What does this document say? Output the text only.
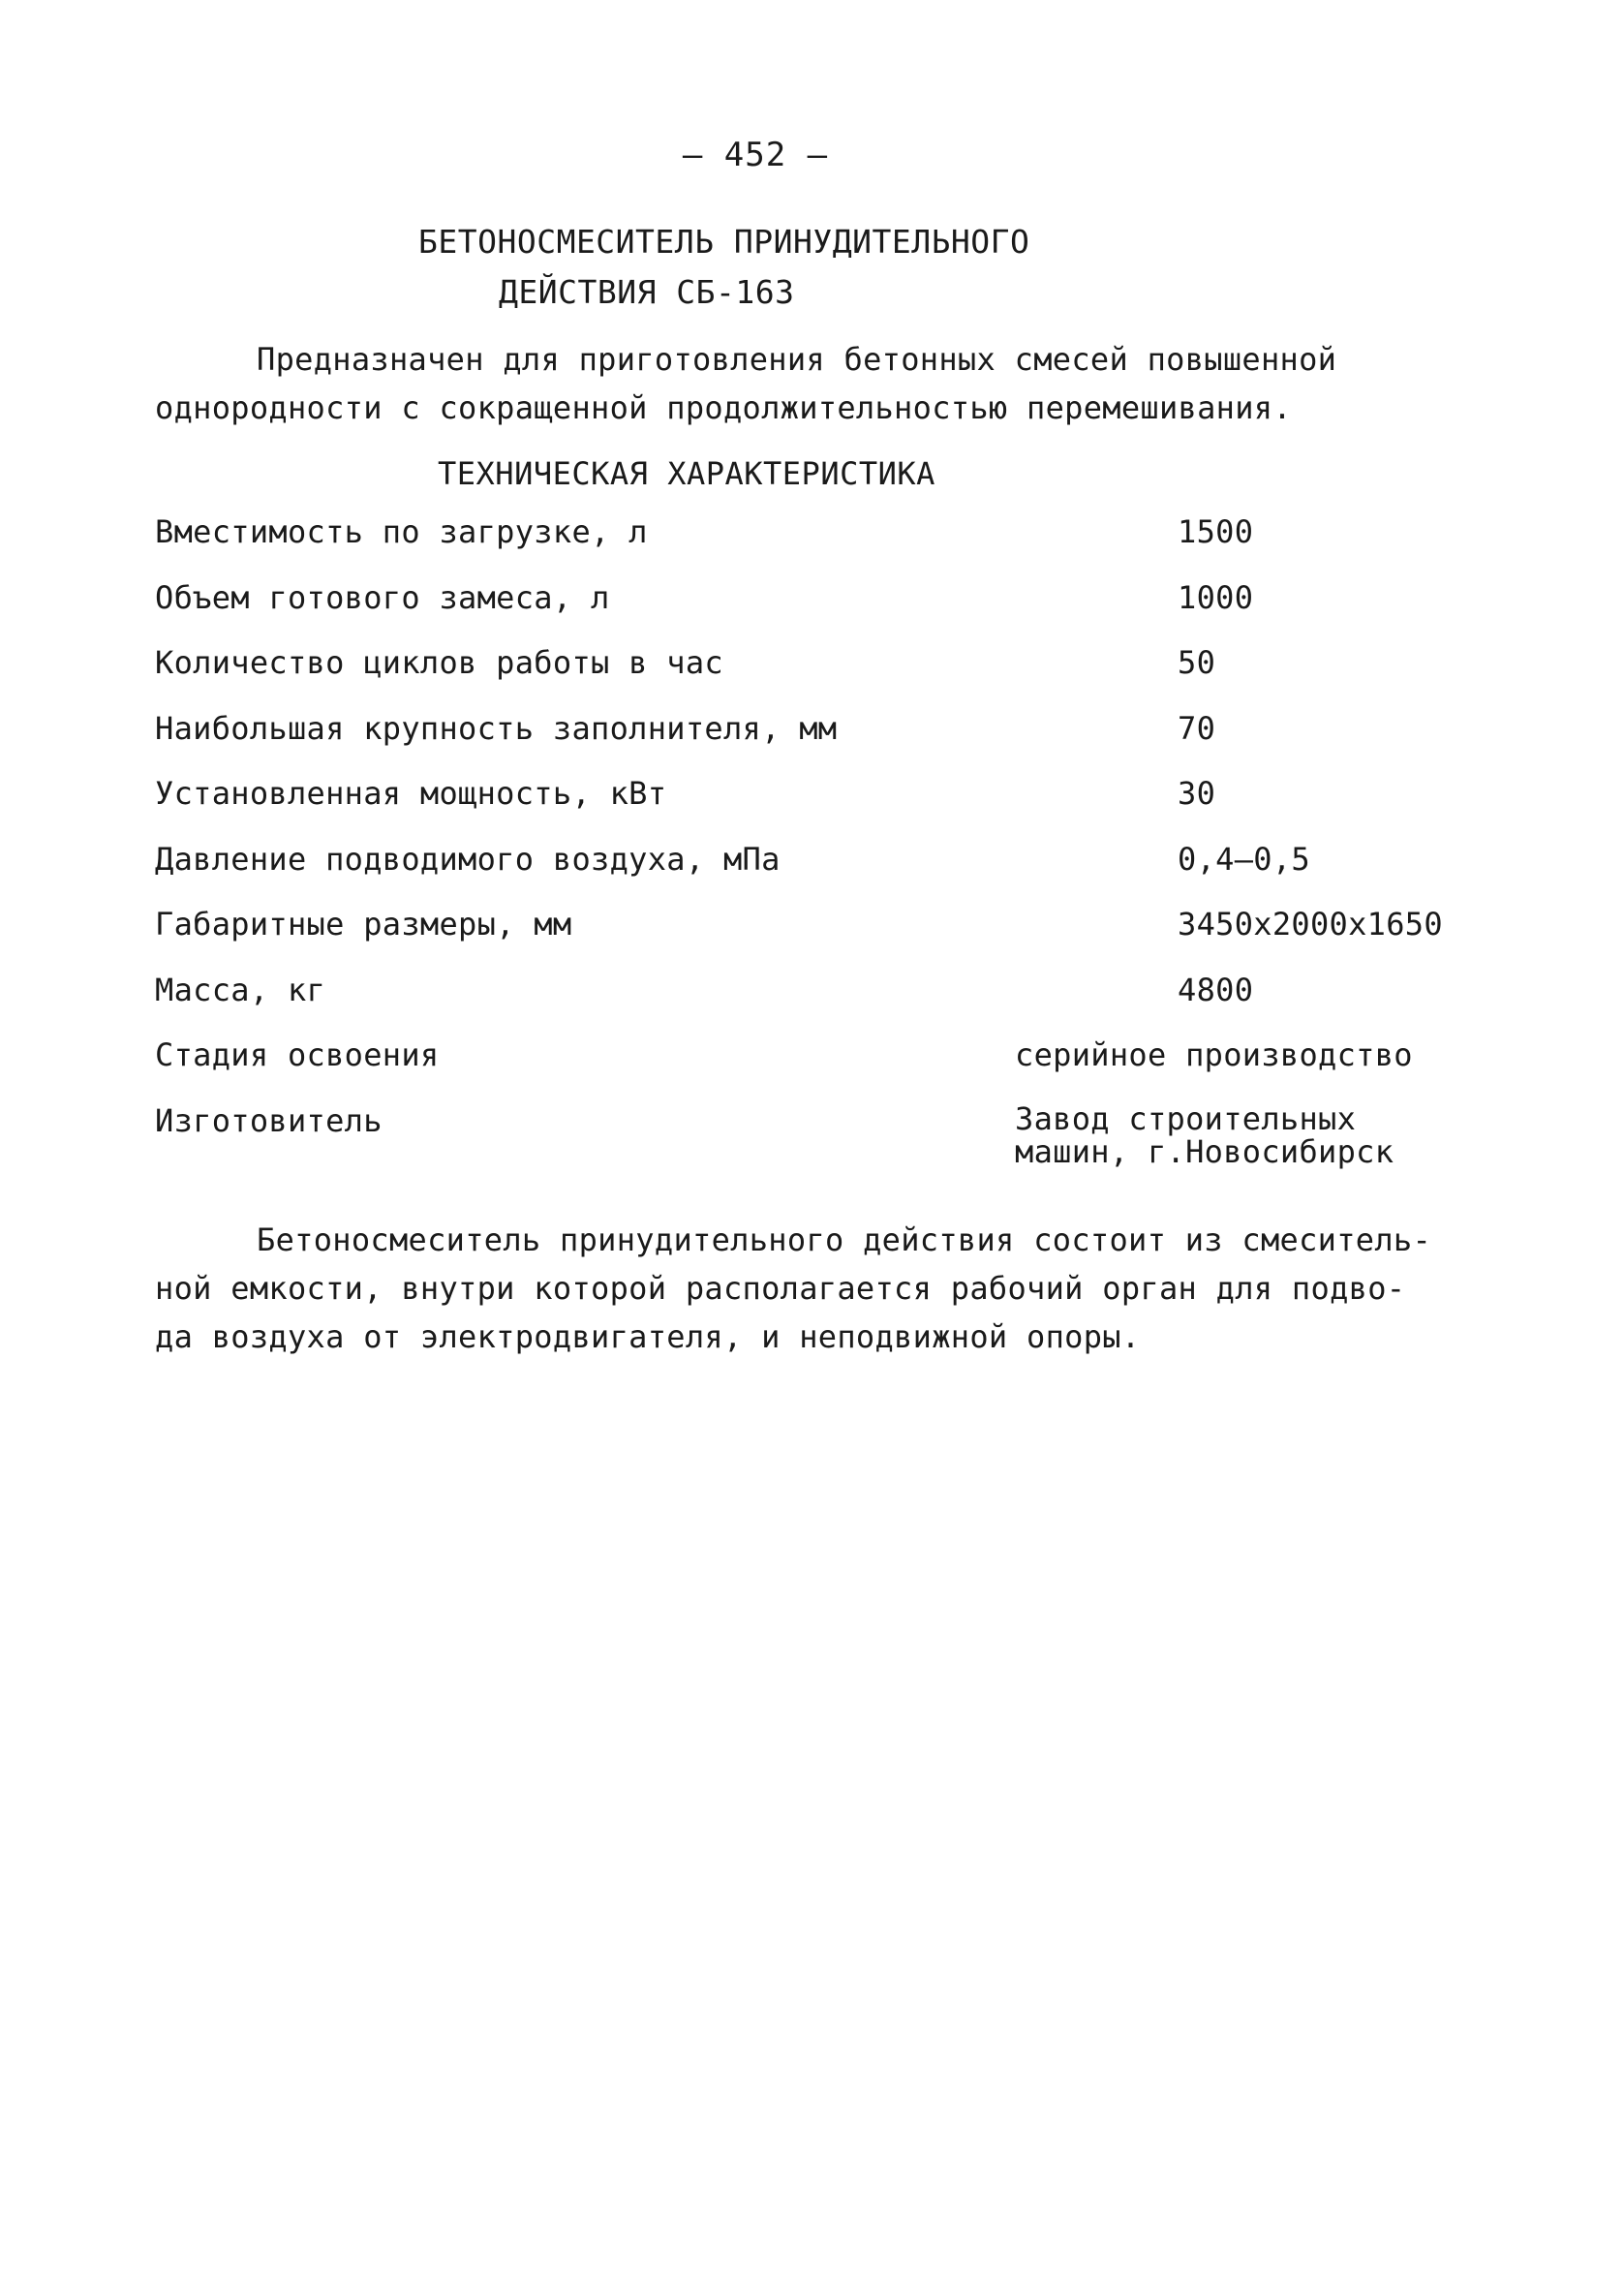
– 452 –
БЕТОНОСМЕСИТЕЛЬ ПРИНУДИТЕЛЬНОГО
ДЕЙСТВИЯ СБ-163
Предназначен для приготовления бетонных смесей повышенной
однородности с сокращенной продолжительностью перемешивания.
ТЕХНИЧЕСКАЯ ХАРАКТЕРИСТИКА
Вместимость по загрузке, л	1500
Объем готового замеса, л	1000
Количество циклов работы в час	50
Наибольшая крупность заполнителя, мм	70
Установленная мощность, кВт	30
Давление подводимого воздуха, мПа	0,4–0,5
Габаритные размеры, мм	3450х2000х1650
Масса, кг	4800
Стадия освоения	серийное производство
Изготовитель	Завод строительных
машин, г.Новосибирск
Бетоносмеситель принудительного действия состоит из смеситель-
ной емкости, внутри которой располагается рабочий орган для подво-
да воздуха от электродвигателя, и неподвижной опоры.
